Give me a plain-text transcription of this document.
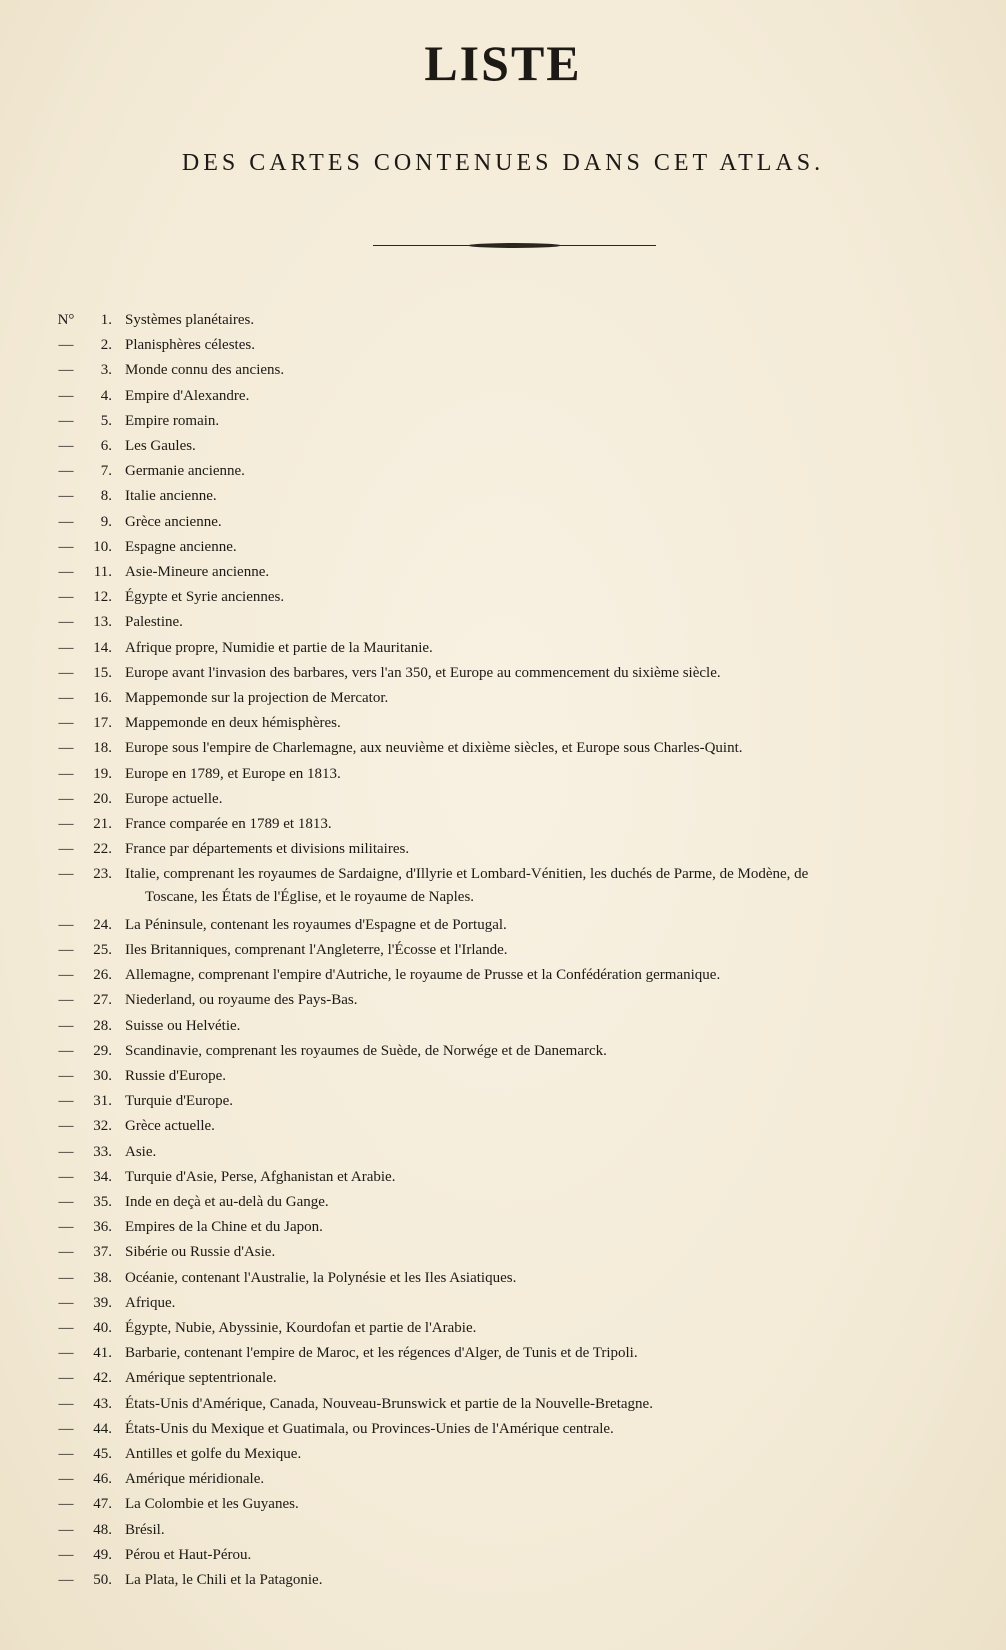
LISTE
DES CARTES CONTENUES DANS CET ATLAS.
N°	1. Systèmes planétaires.
—	2. Planisphères célestes.
—	3. Monde connu des anciens.
—	4. Empire d'Alexandre.
—	5. Empire romain.
—	6. Les Gaules.
—	7. Germanie ancienne.
—	8. Italie ancienne.
—	9. Grèce ancienne.
—	10. Espagne ancienne.
—	11. Asie-Mineure ancienne.
—	12. Égypte et Syrie anciennes.
—	13. Palestine.
—	14. Afrique propre, Numidie et partie de la Mauritanie.
—	15. Europe avant l'invasion des barbares, vers l'an 350, et Europe au commencement du sixième siècle.
—	16. Mappemonde sur la projection de Mercator.
—	17. Mappemonde en deux hémisphères.
—	18. Europe sous l'empire de Charlemagne, aux neuvième et dixième siècles, et Europe sous Charles-Quint.
—	19. Europe en 1789, et Europe en 1813.
—	20. Europe actuelle.
—	21. France comparée en 1789 et 1813.
—	22. France par départements et divisions militaires.
—	23. Italie, comprenant les royaumes de Sardaigne, d'Illyrie et Lombard-Vénitien, les duchés de Parme, de Modène, de
Toscane, les États de l'Église, et le royaume de Naples.
—	24. La Péninsule, contenant les royaumes d'Espagne et de Portugal.
—	25. Iles Britanniques, comprenant l'Angleterre, l'Écosse et l'Irlande.
—	26. Allemagne, comprenant l'empire d'Autriche, le royaume de Prusse et la Confédération germanique.
—	27. Niederland, ou royaume des Pays-Bas.
—	28. Suisse ou Helvétie.
—	29. Scandinavie, comprenant les royaumes de Suède, de Norwége et de Danemarck.
—	30. Russie d'Europe.
—	31. Turquie d'Europe.
—	32. Grèce actuelle.
—	33. Asie.
—	34. Turquie d'Asie, Perse, Afghanistan et Arabie.
—	35. Inde en deçà et au-delà du Gange.
—	36. Empires de la Chine et du Japon.
—	37. Sibérie ou Russie d'Asie.
—	38. Océanie, contenant l'Australie, la Polynésie et les Iles Asiatiques.
—	39. Afrique.
—	40. Égypte, Nubie, Abyssinie, Kourdofan et partie de l'Arabie.
—	41. Barbarie, contenant l'empire de Maroc, et les régences d'Alger, de Tunis et de Tripoli.
—	42. Amérique septentrionale.
—	43. États-Unis d'Amérique, Canada, Nouveau-Brunswick et partie de la Nouvelle-Bretagne.
—	44. États-Unis du Mexique et Guatimala, ou Provinces-Unies de l'Amérique centrale.
—	45. Antilles et golfe du Mexique.
—	46. Amérique méridionale.
—	47. La Colombie et les Guyanes.
—	48. Brésil.
—	49. Pérou et Haut-Pérou.
—	50. La Plata, le Chili et la Patagonie.
